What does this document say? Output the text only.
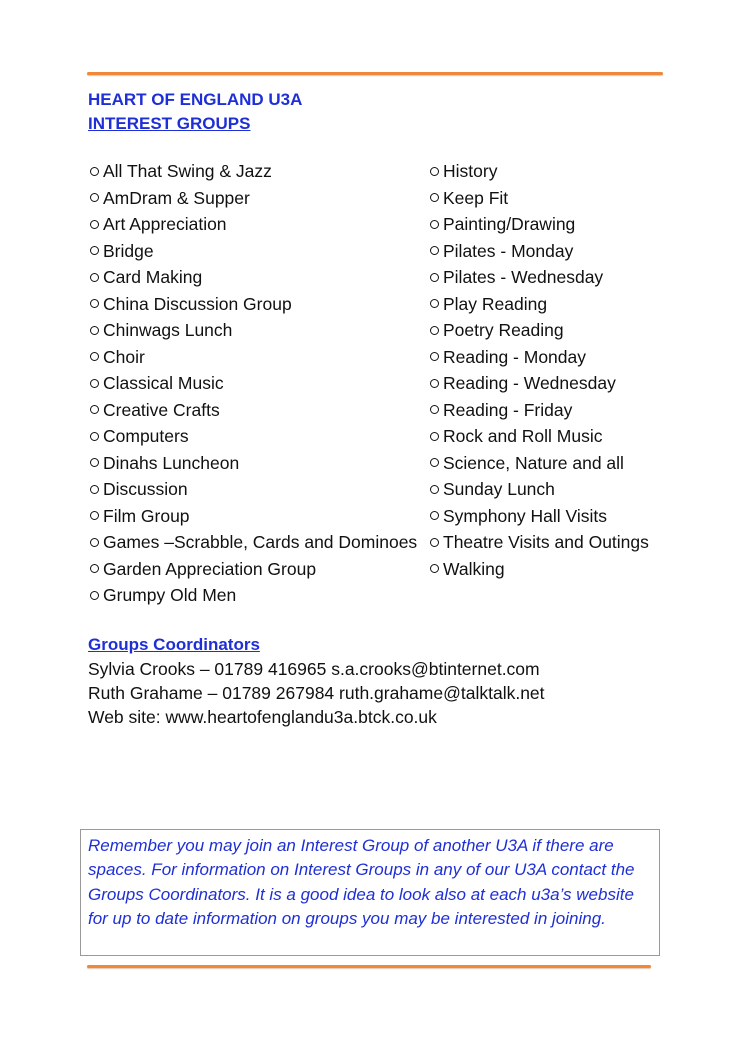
HEART OF ENGLAND U3A
INTEREST GROUPS
All That Swing & Jazz
AmDram & Supper
Art Appreciation
Bridge
Card Making
China Discussion Group
Chinwags Lunch
Choir
Classical Music
Creative Crafts
Computers
Dinahs Luncheon
Discussion
Film Group
Games –Scrabble, Cards and Dominoes
Garden Appreciation Group
Grumpy Old Men
History
Keep Fit
Painting/Drawing
Pilates - Monday
Pilates - Wednesday
Play Reading
Poetry Reading
Reading - Monday
Reading - Wednesday
Reading - Friday
Rock and Roll Music
Science, Nature and all
Sunday Lunch
Symphony Hall Visits
Theatre Visits and Outings
Walking
Groups Coordinators
Sylvia Crooks – 01789 416965 s.a.crooks@btinternet.com
Ruth Grahame – 01789 267984 ruth.grahame@talktalk.net
Web site: www.heartofenglandu3a.btck.co.uk
Remember you may join an Interest Group of another U3A if there are spaces. For information on Interest Groups in any of our U3A contact the Groups Coordinators. It is a good idea to look also at each u3a’s website for up to date information on groups you may be interested in joining.
